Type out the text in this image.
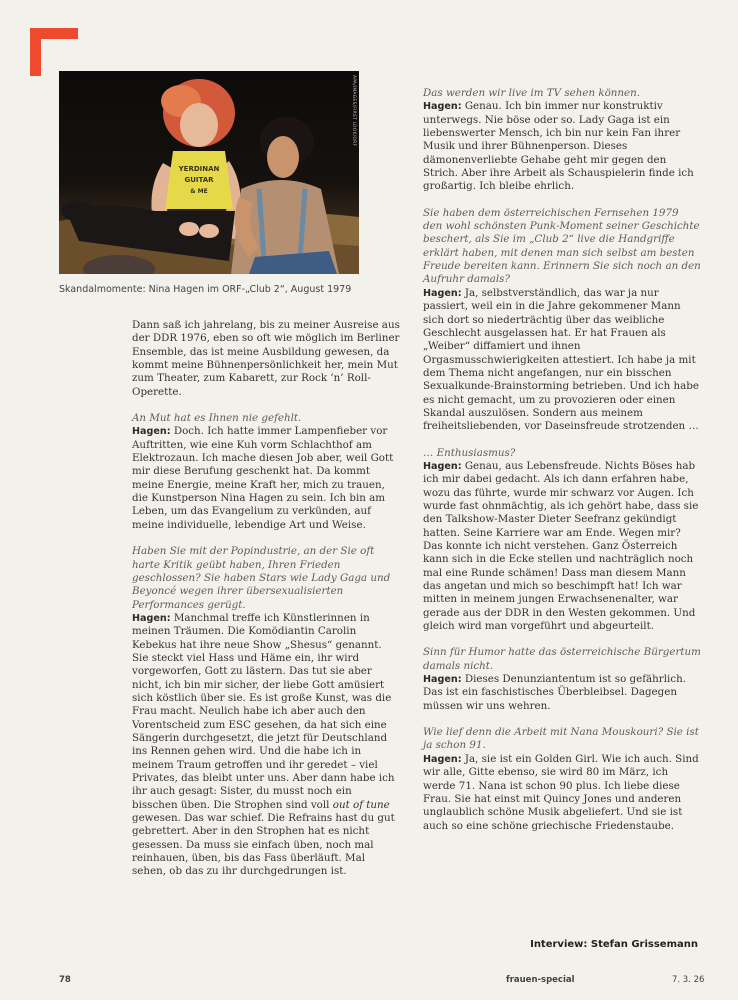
YERDINAN
GUITAR
& ME
APA/IMAGES/FIRST LOOK/ORF
Skandalmomente: Nina Hagen im ORF-„Club 2“, August 1979

Dann saß ich jahrelang, bis zu meiner Ausreise aus der DDR 1976, eben so oft wie möglich im Berliner Ensemble, das ist meine Ausbildung gewesen, da kommt meine Bühnenpersönlichkeit her, mein Mut zum Theater, zum Kabarett, zur Rock ’n’ Roll-Operette.

An Mut hat es Ihnen nie gefehlt.

Hagen: Doch. Ich hatte immer Lampenfieber vor Auftritten, wie eine Kuh vorm Schlachthof am Elektrozaun. Ich mache diesen Job aber, weil Gott mir diese Berufung geschenkt hat. Da kommt meine Energie, meine Kraft her, mich zu trauen, die Kunstperson Nina Hagen zu sein. Ich bin am Leben, um das Evangelium zu verkünden, auf meine individuelle, lebendige Art und Weise.

Haben Sie mit der Popindustrie, an der Sie oft harte Kritik geübt haben, Ihren Frieden geschlossen? Sie haben Stars wie Lady Gaga und Beyoncé wegen ihrer übersexualisierten Performances gerügt.

Hagen: Manchmal treffe ich Künstlerinnen in meinen Träumen. Die Komödiantin Carolin Kebekus hat ihre neue Show „Shesus“ genannt. Sie steckt viel Hass und Häme ein, ihr wird vorgeworfen, Gott zu lästern. Das tut sie aber nicht, ich bin mir sicher, der liebe Gott amüsiert sich köstlich über sie. Es ist große Kunst, was die Frau macht. Neulich habe ich aber auch den Vorentscheid zum ESC gesehen, da hat sich eine Sängerin durchgesetzt, die jetzt für Deutschland ins Rennen gehen wird. Und die habe ich in meinem Traum getroffen und ihr geredet – viel Privates, das bleibt unter uns. Aber dann habe ich ihr auch gesagt: Sister, du musst noch ein bisschen üben. Die Strophen sind voll out of tune gewesen. Das war schief. Die Refrains hast du gut gebrettert. Aber in den Strophen hat es nicht gesessen. Da muss sie einfach üben, noch mal reinhauen, üben, bis das Fass überläuft. Mal sehen, ob das zu ihr durchgedrungen ist.

Das werden wir live im TV sehen können.

Hagen: Genau. Ich bin immer nur konstruktiv unterwegs. Nie böse oder so. Lady Gaga ist ein liebenswerter Mensch, ich bin nur kein Fan ihrer Musik und ihrer Bühnenperson. Dieses dämonenverliebte Gehabe geht mir gegen den Strich. Aber ihre Arbeit als Schauspielerin finde ich großartig. Ich bleibe ehrlich.

Sie haben dem österreichischen Fernsehen 1979 den wohl schönsten Punk-Moment seiner Geschichte beschert, als Sie im „Club 2“ live die Handgriffe erklärt haben, mit denen man sich selbst am besten Freude bereiten kann. Erinnern Sie sich noch an den Aufruhr damals?

Hagen: Ja, selbstverständlich, das war ja nur passiert, weil ein in die Jahre gekommener Mann sich dort so niederträchtig über das weibliche Geschlecht ausgelassen hat. Er hat Frauen als „Weiber“ diffamiert und ihnen Orgasmusschwierigkeiten attestiert. Ich habe ja mit dem Thema nicht angefangen, nur ein bisschen Sexualkunde-Brainstorming betrieben. Und ich habe es nicht gemacht, um zu provozieren oder einen Skandal auszulösen. Sondern aus meinem freiheitsliebenden, vor Daseinsfreude strotzenden …

… Enthusiasmus?

Hagen: Genau, aus Lebensfreude. Nichts Böses hab ich mir dabei gedacht. Als ich dann erfahren habe, wozu das führte, wurde mir schwarz vor Augen. Ich wurde fast ohnmächtig, als ich gehört habe, dass sie den Talkshow-Master Dieter Seefranz gekündigt hatten. Seine Karriere war am Ende. Wegen mir? Das konnte ich nicht verstehen. Ganz Österreich kann sich in die Ecke stellen und nachträglich noch mal eine Runde schämen! Dass man diesem Mann das angetan und mich so beschimpft hat! Ich war mitten in meinem jungen Erwachsenenalter, war gerade aus der DDR in den Westen gekommen. Und gleich wird man vorgeführt und abgeurteilt.

Sinn für Humor hatte das österreichische Bürgertum damals nicht.

Hagen: Dieses Denunziantentum ist so gefährlich. Das ist ein faschistisches Überbleibsel. Dagegen müssen wir uns wehren.

Wie lief denn die Arbeit mit Nana Mouskouri? Sie ist ja schon 91.

Hagen: Ja, sie ist ein Golden Girl. Wie ich auch. Sind wir alle, Gitte ebenso, sie wird 80 im März, ich werde 71. Nana ist schon 90 plus. Ich liebe diese Frau. Sie hat einst mit Quincy Jones und anderen unglaublich schöne Musik abgeliefert. Und sie ist auch so eine schöne griechische Friedenstaube.

Interview: Stefan Grissemann
78	frauen-special	7. 3. 26
